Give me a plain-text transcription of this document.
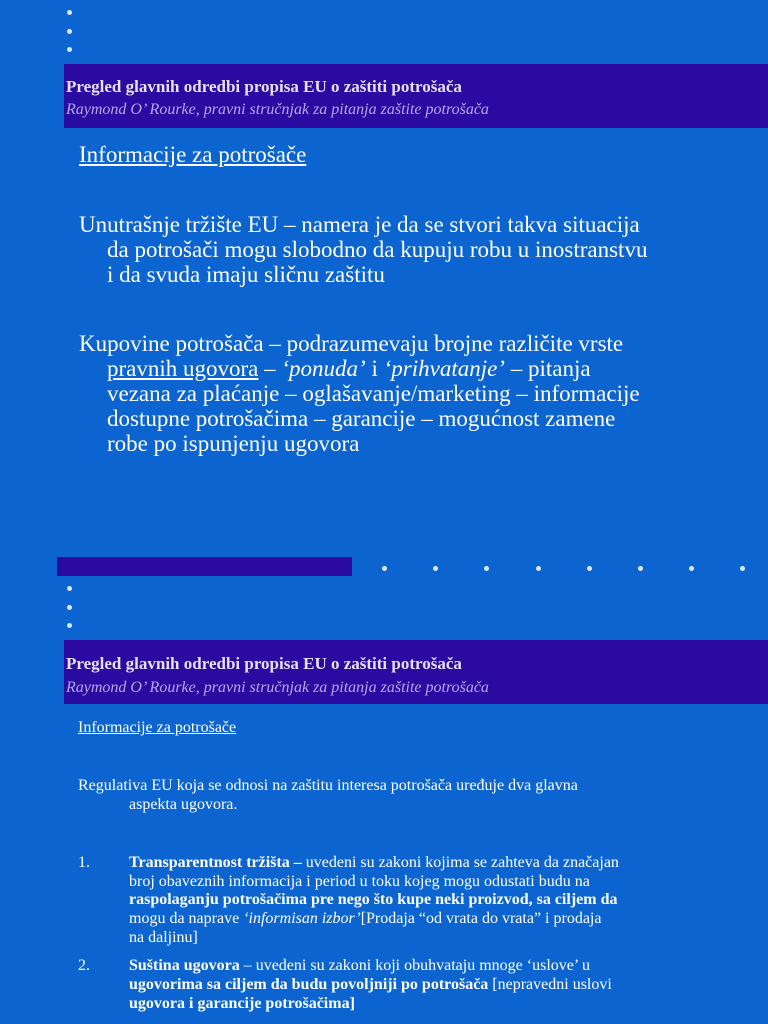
Pregled glavnih odredbi propisa EU o zaštiti potrošača
Raymond O’ Rourke, pravni stručnjak za pitanja zaštite potrošača
Informacije za potrošače
Unutrašnje tržište EU – namera je da se stvori takva situacija
da potrošači mogu slobodno da kupuju robu u inostranstvu
i da svuda imaju sličnu zaštitu
Kupovine potrošača – podrazumevaju brojne različite vrste
pravnih ugovora – ‘ponuda’ i ‘prihvatanje’ – pitanja
vezana za plaćanje – oglašavanje/marketing – informacije
dostupne potrošačima – garancije – mogućnost zamene
robe po ispunjenju ugovora
Pregled glavnih odredbi propisa EU o zaštiti potrošača
Raymond O’ Rourke, pravni stručnjak za pitanja zaštite potrošača
Informacije za potrošače
Regulativa EU koja se odnosi na zaštitu interesa potrošača uređuje dva glavna
aspekta ugovora.
1. Transparentnost tržišta – uvedeni su zakoni kojima se zahteva da značajan
broj obaveznih informacija i period u toku kojeg mogu odustati budu na
raspolaganju potrošačima pre nego što kupe neki proizvod, sa ciljem da
mogu da naprave ‘informisan izbor’[Prodaja “od vrata do vrata” i prodaja
na daljinu]
2. Suština ugovora – uvedeni su zakoni koji obuhvataju mnoge ‘uslove’ u
ugovorima sa ciljem da budu povoljniji po potrošača [nepravedni uslovi
ugovora i garancije potrošačima]
